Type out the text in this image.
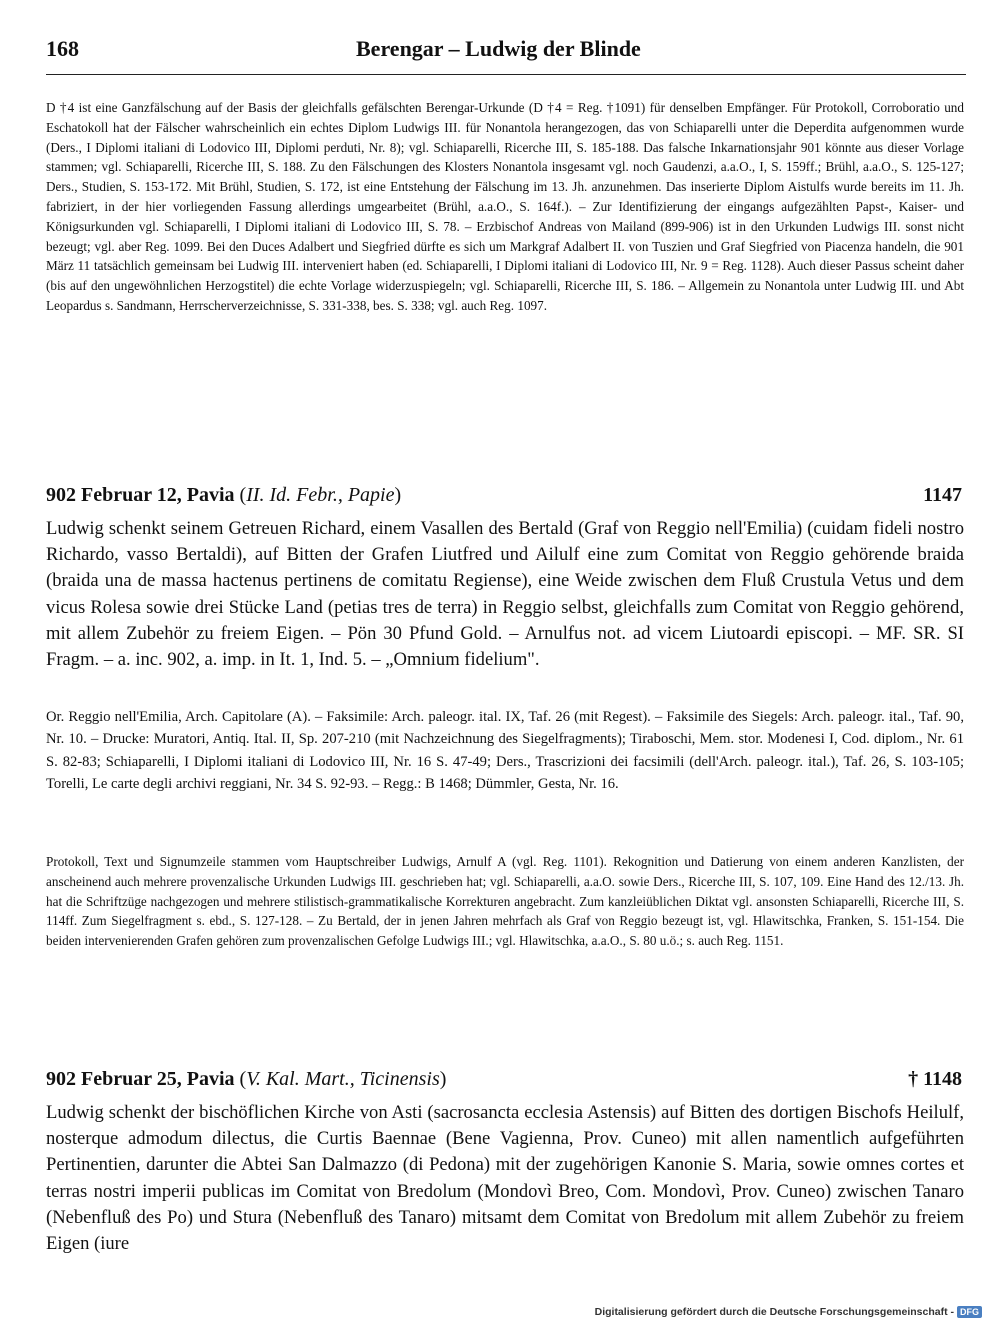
168	Berengar – Ludwig der Blinde

D †4 ist eine Ganzfälschung auf der Basis der gleichfalls gefälschten Berengar-Urkunde (D †4 = Reg. †1091) für denselben Empfänger. Für Protokoll, Corroboratio und Eschatokoll hat der Fälscher wahrscheinlich ein echtes Diplom Ludwigs III. für Nonantola herangezogen, das von Schiaparelli unter die Deperdita aufgenommen wurde (Ders., I Diplomi italiani di Lodovico III, Diplomi perduti, Nr. 8); vgl. Schiaparelli, Ricerche III, S. 185-188. Das falsche Inkarnationsjahr 901 könnte aus dieser Vorlage stammen; vgl. Schiaparelli, Ricerche III, S. 188. Zu den Fälschungen des Klosters Nonantola insgesamt vgl. noch Gaudenzi, a.a.O., I, S. 159ff.; Brühl, a.a.O., S. 125-127; Ders., Studien, S. 153-172. Mit Brühl, Studien, S. 172, ist eine Entstehung der Fälschung im 13. Jh. anzunehmen. Das inserierte Diplom Aistulfs wurde bereits im 11. Jh. fabriziert, in der hier vorliegenden Fassung allerdings umgearbeitet (Brühl, a.a.O., S. 164f.). – Zur Identifizierung der eingangs aufgezählten Papst-, Kaiser- und Königsurkunden vgl. Schiaparelli, I Diplomi italiani di Lodovico III, S. 78. – Erzbischof Andreas von Mailand (899-906) ist in den Urkunden Ludwigs III. sonst nicht bezeugt; vgl. aber Reg. 1099. Bei den Duces Adalbert und Siegfried dürfte es sich um Markgraf Adalbert II. von Tuszien und Graf Siegfried von Piacenza handeln, die 901 März 11 tatsächlich gemeinsam bei Ludwig III. interveniert haben (ed. Schiaparelli, I Diplomi italiani di Lodovico III, Nr. 9 = Reg. 1128). Auch dieser Passus scheint daher (bis auf den ungewöhnlichen Herzogstitel) die echte Vorlage widerzuspiegeln; vgl. Schiaparelli, Ricerche III, S. 186. – Allgemein zu Nonantola unter Ludwig III. und Abt Leopardus s. Sandmann, Herrscherverzeichnisse, S. 331-338, bes. S. 338; vgl. auch Reg. 1097.

902 Februar 12, Pavia (II. Id. Febr., Papie)	1147

Ludwig schenkt seinem Getreuen Richard, einem Vasallen des Bertald (Graf von Reggio nell'Emilia) (cuidam fideli nostro Richardo, vasso Bertaldi), auf Bitten der Grafen Liutfred und Ailulf eine zum Comitat von Reggio gehörende braida (braida una de massa hactenus pertinens de comitatu Regiense), eine Weide zwischen dem Fluß Crustula Vetus und dem vicus Rolesa sowie drei Stücke Land (petias tres de terra) in Reggio selbst, gleichfalls zum Comitat von Reggio gehörend, mit allem Zubehör zu freiem Eigen. – Pön 30 Pfund Gold. – Arnulfus not. ad vicem Liutoardi episcopi. – MF. SR. SI Fragm. – a. inc. 902, a. imp. in It. 1, Ind. 5. – „Omnium fidelium".

Or. Reggio nell'Emilia, Arch. Capitolare (A). – Faksimile: Arch. paleogr. ital. IX, Taf. 26 (mit Regest). – Faksimile des Siegels: Arch. paleogr. ital., Taf. 90, Nr. 10. – Drucke: Muratori, Antiq. Ital. II, Sp. 207-210 (mit Nachzeichnung des Siegelfragments); Tiraboschi, Mem. stor. Modenesi I, Cod. diplom., Nr. 61 S. 82-83; Schiaparelli, I Diplomi italiani di Lodovico III, Nr. 16 S. 47-49; Ders., Trascrizioni dei facsimili (dell'Arch. paleogr. ital.), Taf. 26, S. 103-105; Torelli, Le carte degli archivi reggiani, Nr. 34 S. 92-93. – Regg.: B 1468; Dümmler, Gesta, Nr. 16.

Protokoll, Text und Signumzeile stammen vom Hauptschreiber Ludwigs, Arnulf A (vgl. Reg. 1101). Rekognition und Datierung von einem anderen Kanzlisten, der anscheinend auch mehrere provenzalische Urkunden Ludwigs III. geschrieben hat; vgl. Schiaparelli, a.a.O. sowie Ders., Ricerche III, S. 107, 109. Eine Hand des 12./13. Jh. hat die Schriftzüge nachgezogen und mehrere stilistisch-grammatikalische Korrekturen angebracht. Zum kanzleiüblichen Diktat vgl. ansonsten Schiaparelli, Ricerche III, S. 114ff. Zum Siegelfragment s. ebd., S. 127-128. – Zu Bertald, der in jenen Jahren mehrfach als Graf von Reggio bezeugt ist, vgl. Hlawitschka, Franken, S. 151-154. Die beiden intervenierenden Grafen gehören zum provenzalischen Gefolge Ludwigs III.; vgl. Hlawitschka, a.a.O., S. 80 u.ö.; s. auch Reg. 1151.

902 Februar 25, Pavia (V. Kal. Mart., Ticinensis)	† 1148

Ludwig schenkt der bischöflichen Kirche von Asti (sacrosancta ecclesia Astensis) auf Bitten des dortigen Bischofs Heilulf, nosterque admodum dilectus, die Curtis Baennae (Bene Vagienna, Prov. Cuneo) mit allen namentlich aufgeführten Pertinentien, darunter die Abtei San Dalmazzo (di Pedona) mit der zugehörigen Kanonie S. Maria, sowie omnes cortes et terras nostri imperii publicas im Comitat von Bredolum (Mondovì Breo, Com. Mondovì, Prov. Cuneo) zwischen Tanaro (Nebenfluß des Po) und Stura (Nebenfluß des Tanaro) mitsamt dem Comitat von Bredolum mit allem Zubehör zu freiem Eigen (iure

Digitalisierung gefördert durch die Deutsche Forschungsgemeinschaft - DFG
